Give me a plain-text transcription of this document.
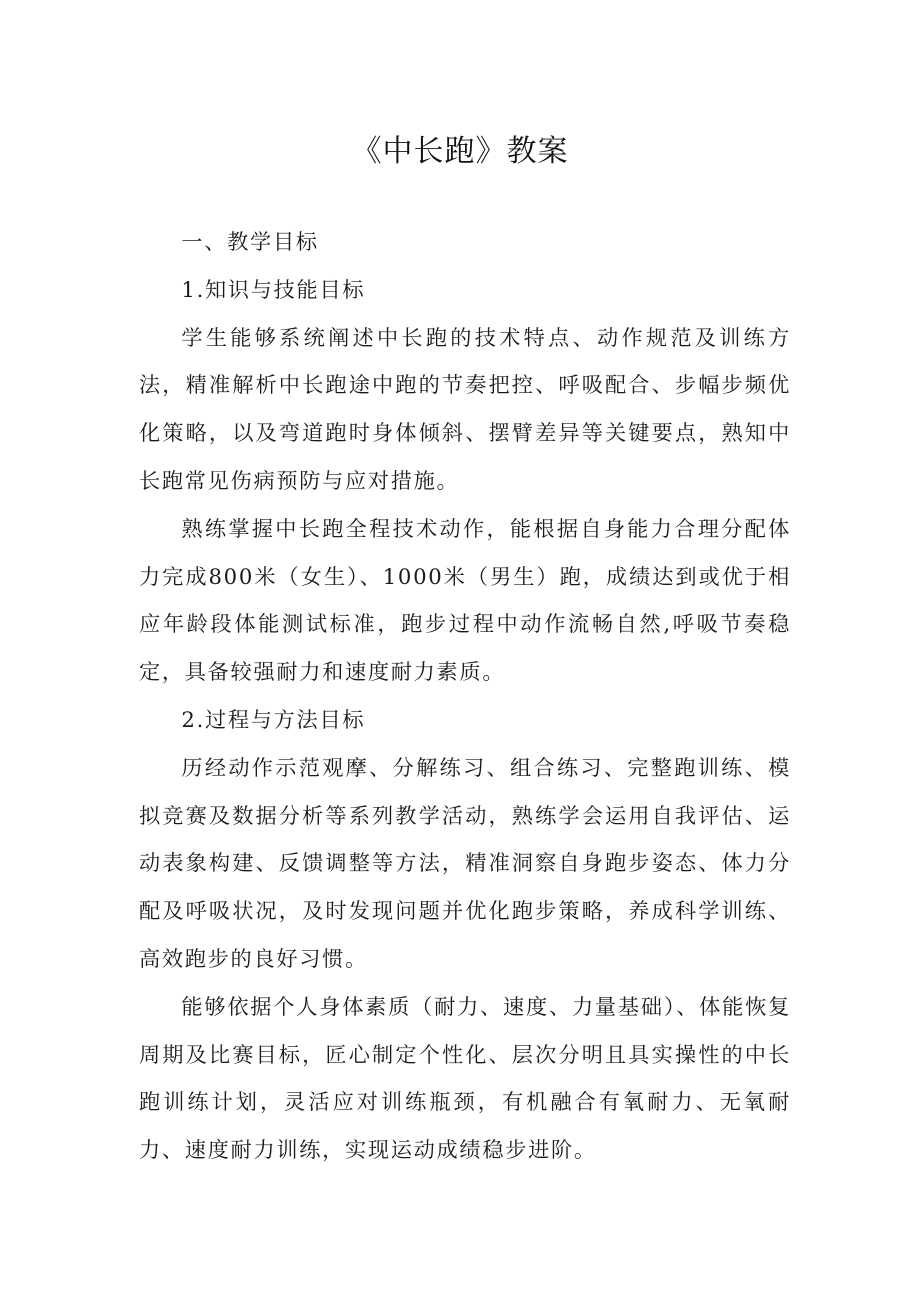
《中长跑》教案

一、教学目标

1.知识与技能目标

学生能够系统阐述中长跑的技术特点、动作规范及训练方法，精准解析中长跑途中跑的节奏把控、呼吸配合、步幅步频优化策略，以及弯道跑时身体倾斜、摆臂差异等关键要点，熟知中长跑常见伤病预防与应对措施。

熟练掌握中长跑全程技术动作，能根据自身能力合理分配体力完成800米（女生）、1000米（男生）跑，成绩达到或优于相应年龄段体能测试标准，跑步过程中动作流畅自然,呼吸节奏稳定，具备较强耐力和速度耐力素质。

2.过程与方法目标

历经动作示范观摩、分解练习、组合练习、完整跑训练、模拟竞赛及数据分析等系列教学活动，熟练学会运用自我评估、运动表象构建、反馈调整等方法，精准洞察自身跑步姿态、体力分配及呼吸状况，及时发现问题并优化跑步策略，养成科学训练、高效跑步的良好习惯。

能够依据个人身体素质（耐力、速度、力量基础）、体能恢复周期及比赛目标，匠心制定个性化、层次分明且具实操性的中长跑训练计划，灵活应对训练瓶颈，有机融合有氧耐力、无氧耐力、速度耐力训练，实现运动成绩稳步进阶。
